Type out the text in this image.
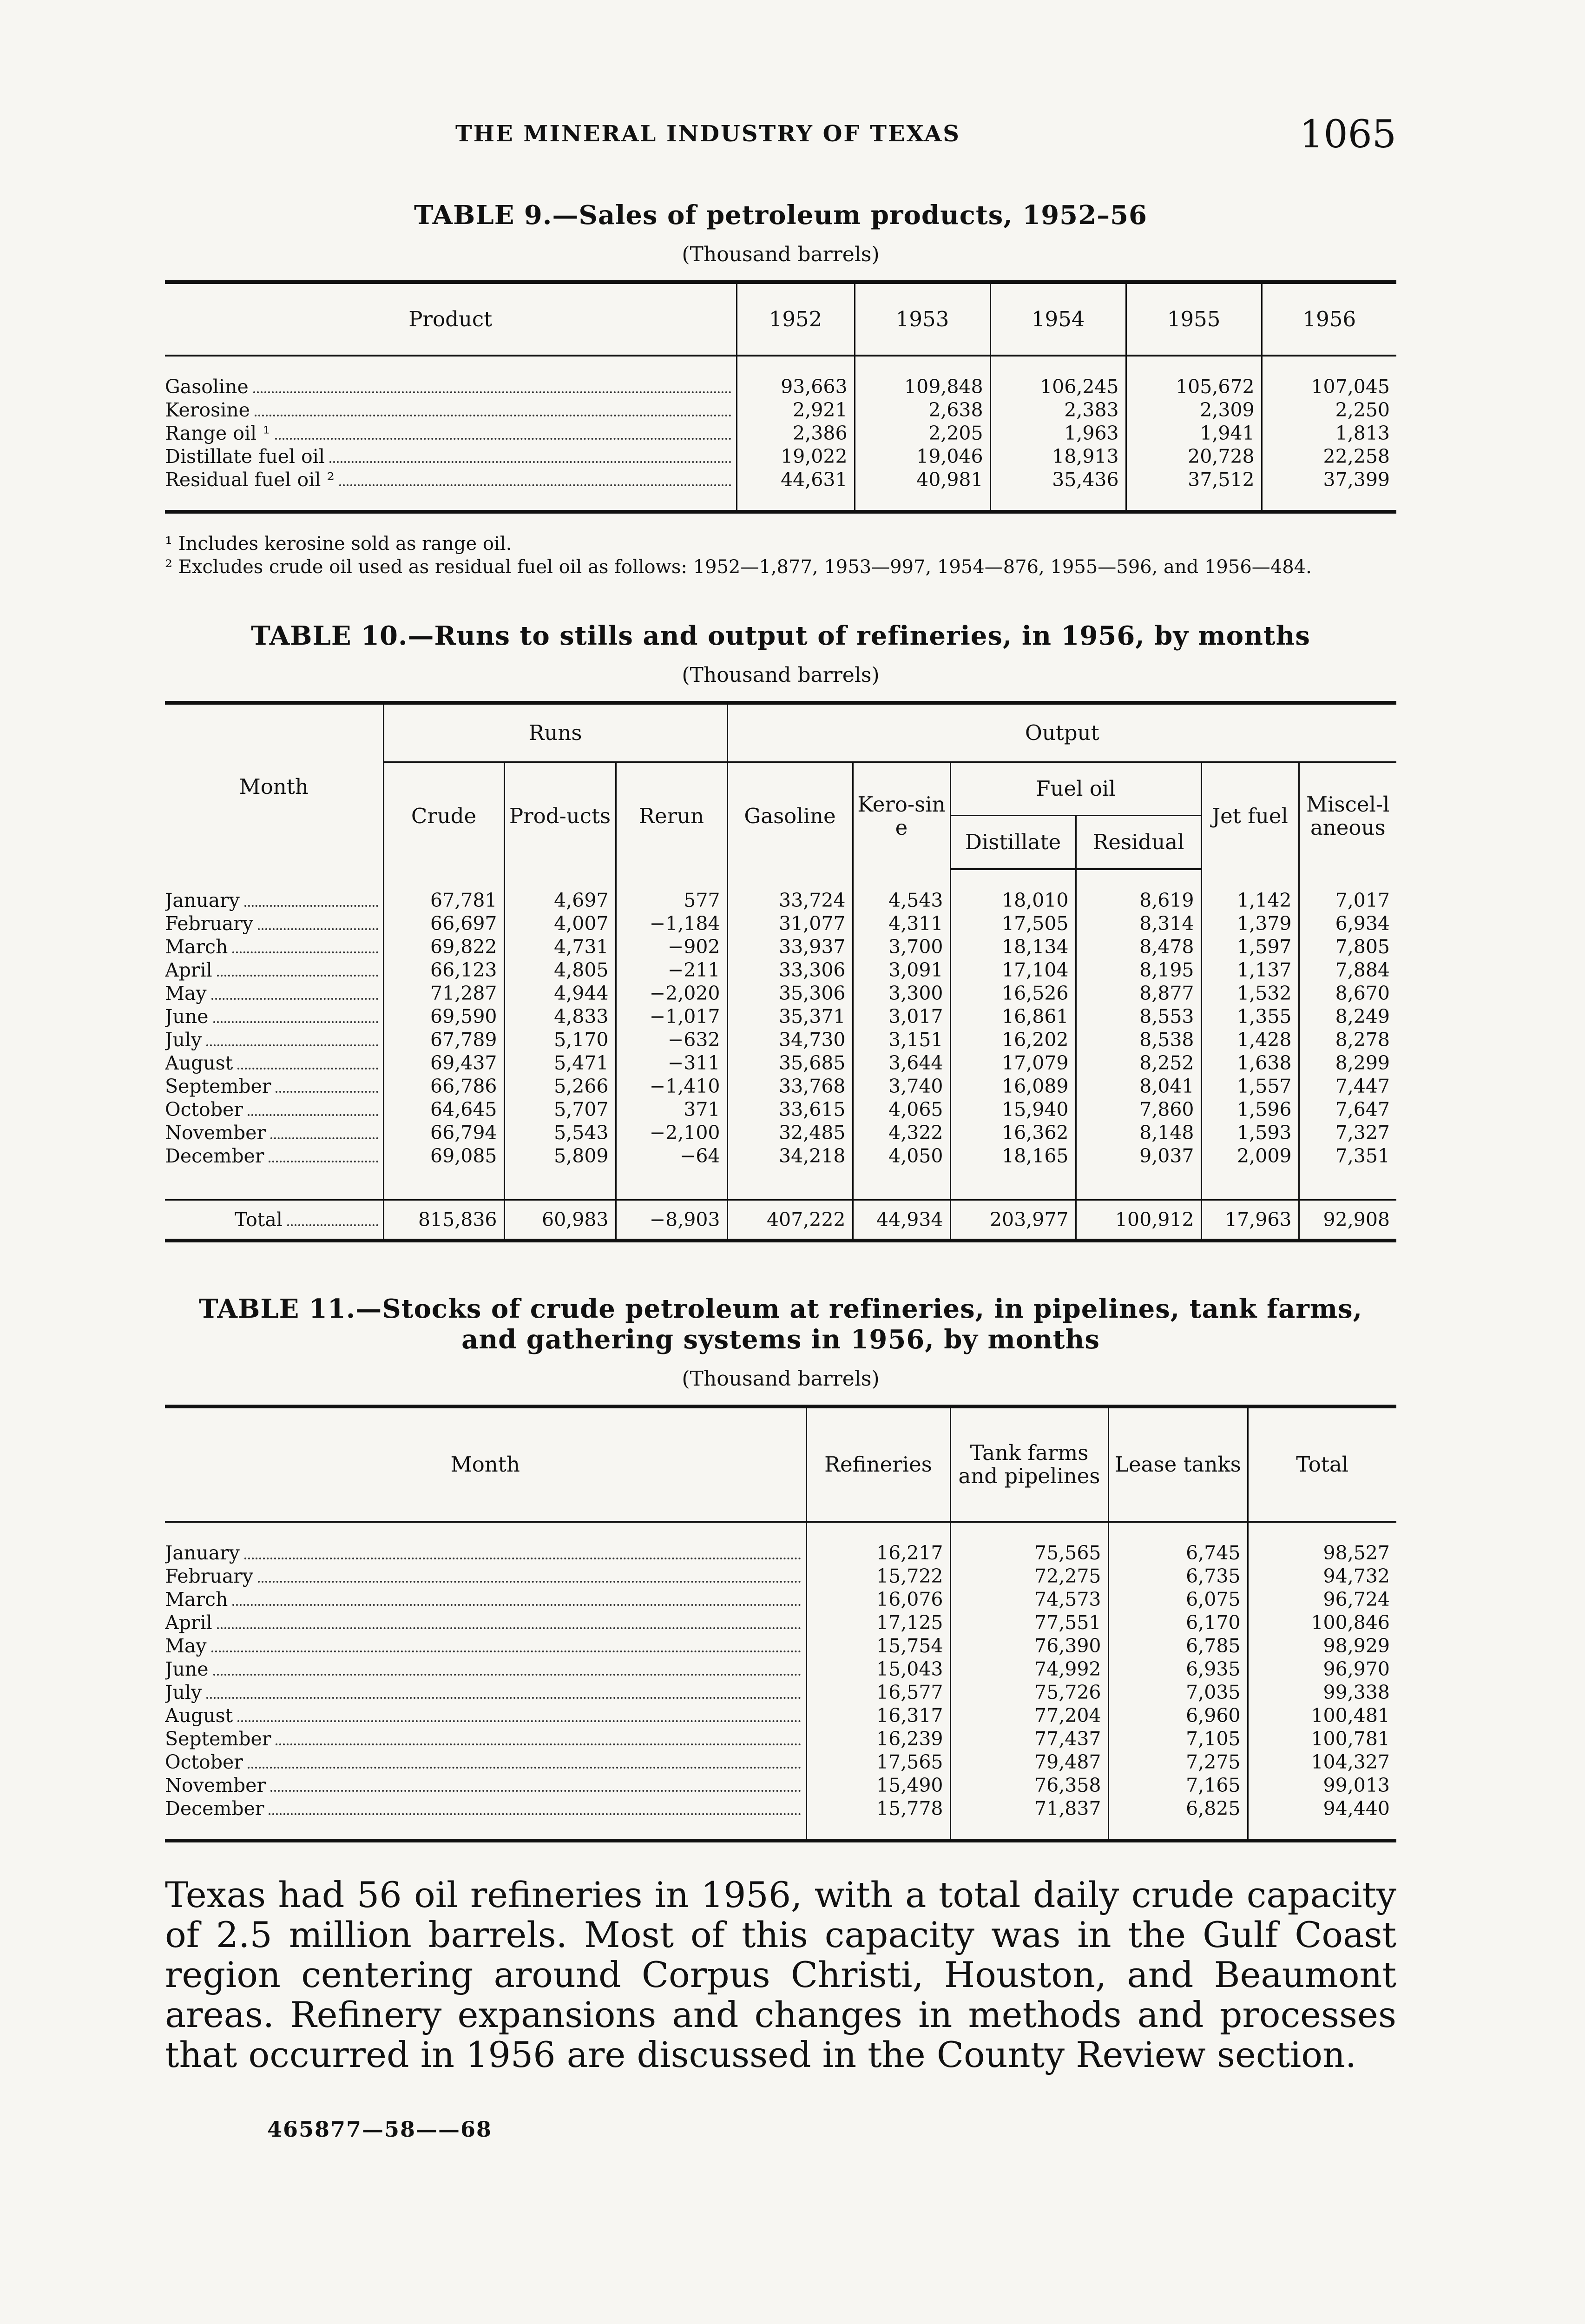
THE MINERAL INDUSTRY OF TEXAS	1065
TABLE 9.—Sales of petroleum products, 1952–56
(Thousand barrels)
Product	1952	1953	1954	1955	1956

Gasoline	93,663	109,848	106,245	105,672	107,045

Kerosine	2,921	2,638	2,383	2,309	2,250

Range oil ¹	2,386	2,205	1,963	1,941	1,813

Distillate fuel oil	19,022	19,046	18,913	20,728	22,258

Residual fuel oil ²	44,631	40,981	35,436	37,512	37,399

¹ Includes kerosine sold as range oil.

² Excludes crude oil used as residual fuel oil as follows: 1952—1,877, 1953—997, 1954—876, 1955—596, and 1956—484.

TABLE 10.—Runs to stills and output of refineries, in 1956, by months
(Thousand barrels)
Month	Runs			Output					
	Crude	Prod-ucts	Rerun	Gasoline	Kero-sine	Fuel oil		Jet fuel	Miscel-laneous
						Distillate	Residual		

January	67,781	4,697	577	33,724	4,543	18,010	8,619	1,142	7,017

February	66,697	4,007	−1,184	31,077	4,311	17,505	8,314	1,379	6,934

March	69,822	4,731	−902	33,937	3,700	18,134	8,478	1,597	7,805

April	66,123	4,805	−211	33,306	3,091	17,104	8,195	1,137	7,884

May	71,287	4,944	−2,020	35,306	3,300	16,526	8,877	1,532	8,670

June	69,590	4,833	−1,017	35,371	3,017	16,861	8,553	1,355	8,249

July	67,789	5,170	−632	34,730	3,151	16,202	8,538	1,428	8,278

August	69,437	5,471	−311	35,685	3,644	17,079	8,252	1,638	8,299

September	66,786	5,266	−1,410	33,768	3,740	16,089	8,041	1,557	7,447

October	64,645	5,707	371	33,615	4,065	15,940	7,860	1,596	7,647

November	66,794	5,543	−2,100	32,485	4,322	16,362	8,148	1,593	7,327

December	69,085	5,809	−64	34,218	4,050	18,165	9,037	2,009	7,351

Total	815,836	60,983	−8,903	407,222	44,934	203,977	100,912	17,963	92,908
TABLE 11.—Stocks of crude petroleum at refineries, in pipelines, tank farms,
and gathering systems in 1956, by months
(Thousand barrels)
Month	Refineries	Tank farms and pipelines	Lease tanks	Total

January	16,217	75,565	6,745	98,527

February	15,722	72,275	6,735	94,732

March	16,076	74,573	6,075	96,724

April	17,125	77,551	6,170	100,846

May	15,754	76,390	6,785	98,929

June	15,043	74,992	6,935	96,970

July	16,577	75,726	7,035	99,338

August	16,317	77,204	6,960	100,481

September	16,239	77,437	7,105	100,781

October	17,565	79,487	7,275	104,327

November	15,490	76,358	7,165	99,013

December	15,778	71,837	6,825	94,440

Texas had 56 oil refineries in 1956, with a total daily crude capacity of 2.5 million barrels. Most of this capacity was in the Gulf Coast region centering around Corpus Christi, Houston, and Beaumont areas. Refinery expansions and changes in methods and processes that occurred in 1956 are discussed in the County Review section.

465877—58——68
